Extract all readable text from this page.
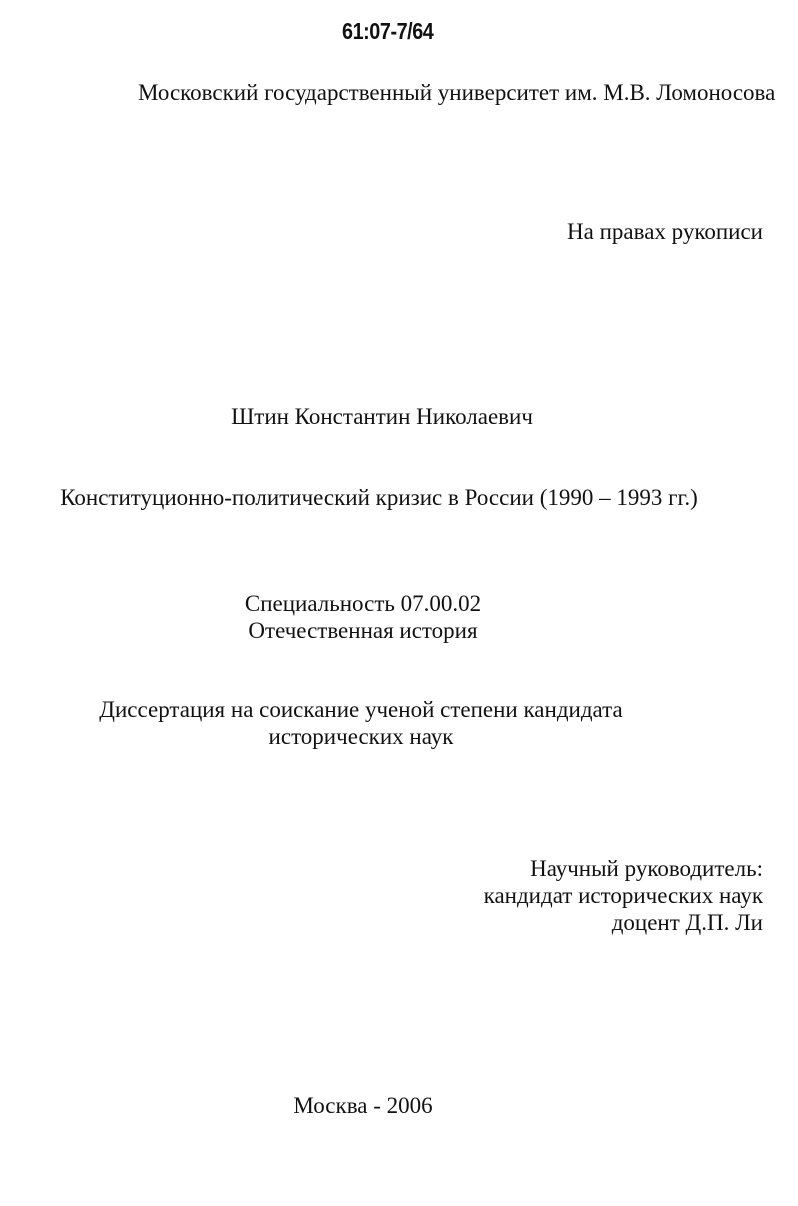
61:07-7/64
Московский государственный университет им. М.В. Ломоносова
На правах рукописи
Штин Константин Николаевич
Конституционно-политический кризис в России (1990 – 1993 гг.)
Специальность 07.00.02
Отечественная история
Диссертация на соискание ученой степени кандидата
исторических наук
Научный руководитель:
кандидат исторических наук
доцент Д.П. Ли
Москва - 2006
